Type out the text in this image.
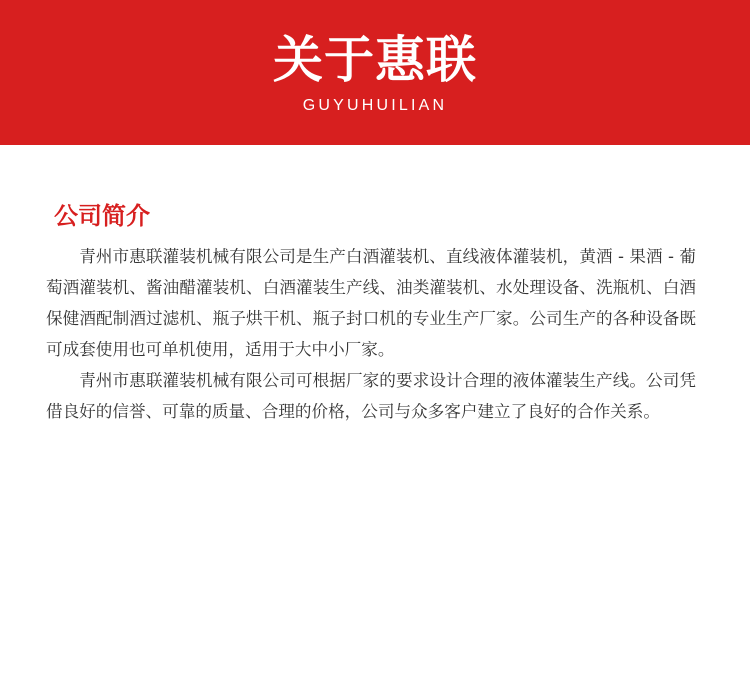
关于惠联
GUYUHUILIAN
公司简介

青州市惠联灌装机械有限公司是生产白酒灌装机、直线液体灌装机，黄酒 - 果酒 - 葡萄酒灌装机、酱油醋灌装机、白酒灌装生产线、油类灌装机、水处理设备、洗瓶机、白酒保健酒配制酒过滤机、瓶子烘干机、瓶子封口机的专业生产厂家。公司生产的各种设备既可成套使用也可单机使用，适用于大中小厂家。

青州市惠联灌装机械有限公司可根据厂家的要求设计合理的液体灌装生产线。公司凭借良好的信誉、可靠的质量、合理的价格，公司与众多客户建立了良好的合作关系。
